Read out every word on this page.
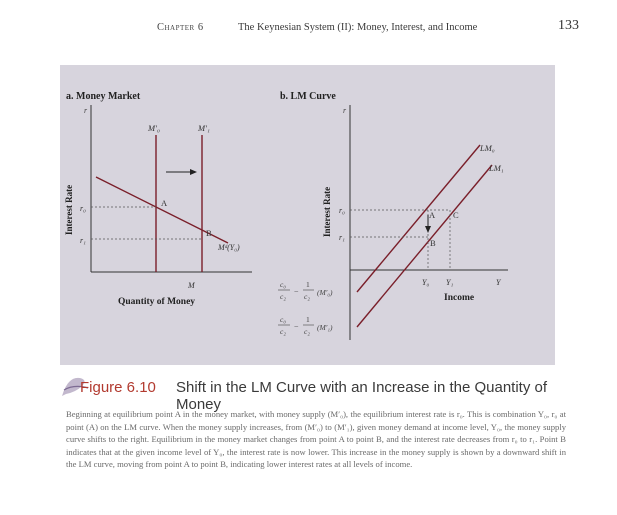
Chapter 6	The Keynesian System (II): Money, Interest, and Income	133
a. Money Market
r
Interest Rate
M′₀	M′₁
Mᵈ(Y₀)
r₀
r₁
A
B
M
Quantity of Money
b. LM Curve
r
Interest Rate
LM₀
LM₁
r₀
r₁
A
B
C
Y₀ Y₁	Y
Income
c₀
c₂
−
1
c₂ (M′₀)
c₀
c₂
−
1
c₂ (M′₁)
Figure 6.10 Shift in the LM Curve with an Increase in the Quantity of Money
Beginning at equilibrium point A in the money market, with money supply (M′₀), the equilibrium interest rate is r₀. This is combination Y₀, r₀ at point (A) on the LM curve. When the money supply increases, from (M′₀) to (M′₁), given money demand at income level, Y₀, the money supply curve shifts to the right. Equilibrium in the money market changes from point A to point B, and the interest rate decreases from r₀ to r₁. Point B indicates that at the given income level of Y₀, the interest rate is now lower. This increase in the money supply is shown by a downward shift in the LM curve, moving from point A to point B, indicating lower interest rates at all levels of income.
